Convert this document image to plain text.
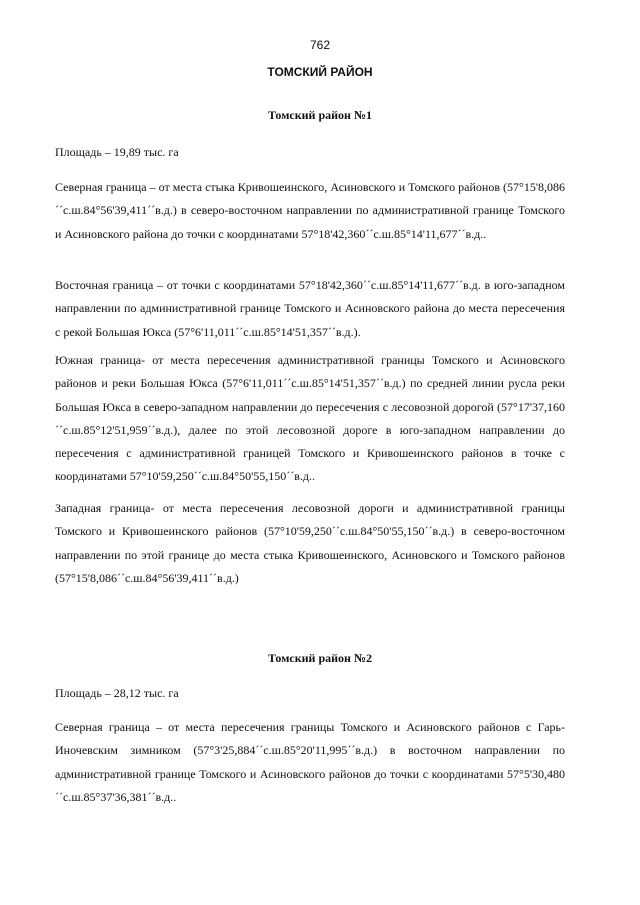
762
ТОМСКИЙ РАЙОН
Томский район №1
Площадь – 19,89 тыс. га

Северная граница – от места стыка Кривошеинского, Асиновского и Томского районов (57°15'8,086´´с.ш.84°56'39,411´´в.д.) в северо-восточном направлении по административной границе Томского и Асиновского района до точки с координатами 57°18'42,360´´с.ш.85°14'11,677´´в.д..

Восточная граница – от точки с координатами 57°18'42,360´´с.ш.85°14'11,677´´в.д. в юго-западном направлении по административной границе Томского и Асиновского района до места пересечения с рекой Большая Юкса (57°6'11,011´´с.ш.85°14'51,357´´в.д.).

Южная граница- от места пересечения административной границы Томского и Асиновского районов и реки Большая Юкса (57°6'11,011´´с.ш.85°14'51,357´´в.д.) по средней линии русла реки Большая Юкса в северо-западном направлении до пересечения с лесовозной дорогой (57°17'37,160´´с.ш.85°12'51,959´´в.д.), далее по этой лесовозной дороге в юго-западном направлении до пересечения с административной границей Томского и Кривошеинского районов в точке с координатами 57°10'59,250´´с.ш.84°50'55,150´´в.д..

Западная граница- от места пересечения лесовозной дороги и административной границы Томского и Кривошеинского районов (57°10'59,250´´с.ш.84°50'55,150´´в.д.) в северо-восточном направлении по этой границе до места стыка Кривошеинского, Асиновского и Томского районов (57°15'8,086´´с.ш.84°56'39,411´´в.д.)

Томский район №2
Площадь – 28,12 тыс. га

Северная граница – от места пересечения границы Томского и Асиновского районов с Гарь-Иночевским зимником (57°3'25,884´´с.ш.85°20'11,995´´в.д.) в восточном направлении по административной границе Томского и Асиновского районов до точки с координатами 57°5'30,480´´с.ш.85°37'36,381´´в.д..
